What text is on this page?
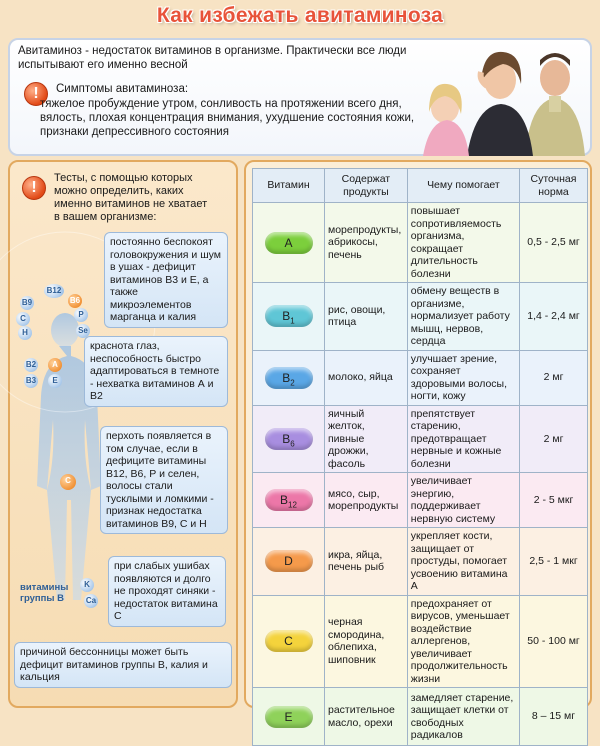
Как избежать авитаминоза
Авитаминоз - недостаток витаминов в организме. Практически все люди испытывают его именно весной
!	Симптомы авитаминоза:
тяжелое пробуждение утром, сонливость на протяжении всего дня, вялость, плохая концентрация внимания, ухудшение состояния кожи, признаки депрессивного состояния
!
Тесты, с помощью которых можно определить, каких именно витаминов не хватает в вашем организме:
постоянно беспокоят головокружения и шум в ушах - дефицит витаминов В3 и Е, а также микроэлементов марганца и калия
краснота глаз, неспособность быстро адаптироваться в темноте - нехватка витаминов А и В2
перхоть появляется в том случае, если в дефиците витамины В12, В6, Р и селен, волосы стали тусклыми и ломкими - признак недостатка витаминов В9, С и Н
при слабых ушибах появляются и долго не проходят синяки - недостаток витамина С
причиной бессонницы может быть дефицит витаминов группы В, калия и кальция
B12
B9	B6
P
C
Se
H
B2	A
B3	E
C
витамины группы В
K
Ca
Витамин	Содержат продукты	Чему помогает	Суточная норма
A	морепродукты, абрикосы, печень	повышает сопротивляемость организма, сокращает длительность болезни	0,5 - 2,5 мг
$B_1$	рис, овощи, птица	обмену веществ в организме, нормализует работу мышц, нервов, сердца	1,4 - 2,4 мг
$B_2$	молоко, яйца	улучшает зрение, сохраняет здоровыми волосы, ногти, кожу	2 мг
$B_6$	яичный желток, пивные дрожжи, фасоль	препятствует старению, предотвращает нервные и кожные болезни	2 мг
$B_{12}$	мясо, сыр, морепродукты	увеличивает энергию, поддерживает нервную систему	2 - 5 мкг
D	икра, яйца, печень рыб	укрепляет кости, защищает от простуды, помогает усвоению витамина А	2,5 - 1 мкг
C	черная смородина, облепиха, шиповник	предохраняет от вирусов, уменьшает воздействие аллергенов, увеличивает продолжительность жизни	50 - 100 мг
E	растительное масло, орехи	замедляет старение, защищает клетки от свободных радикалов	8 – 15 мг
